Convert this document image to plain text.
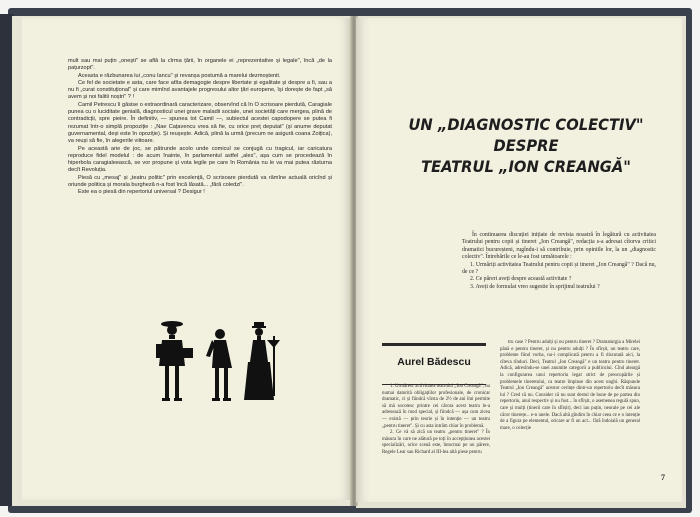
mult sau mai puțin „onești" se află la cîrma țării, în organele ei „reprezentative și legale", încă „de la pațurzopt".

Aceasta e răzbunarea lui „conu Iancu" și revanșa postumă a marelui dezmoștenit.

Ce fel de societate e asta, care face atîta demagogie despre libertate și egalitate și despre a fi, sau a nu fi „curat constituțional" și care mimînd avantajele progresului altor țări europene, își dorește de fapt „să avem și noi falitii noștri" ? !

Camil Petrescu îi găsise o extraordinară caracterizare, observînd că în O scrisoare pierdută, Caragiale punea cu o luciditate genială, diagnosticul unei grave maladii sociale, unei societăți care mergea, plină de contradicții, spre pieire. În definitiv, — spunea tot Camil —, subiectul acestei capodopere se putea fi rezumat într-o simplă propoziție : „Nae Cațavencu vrea să fie, cu orice preț deputat" (și anume deputat guvernamental, deși este în opoziție). Și reușește. Adică, plină la urmă (precum ne asigură coana Zoițica), va reuși să fie, în alegerile viitoare.

Pe această arie de joc, se pătrunde acolo unde comicul se conjugă cu tragicul, iar caricatura reproduce fidel modelul : de acum înainte, în parlamentul astfel „ales", așa cum se procedează în hiperbola caragialeească, se vor propune și vota legile pe care în România nu le va mai putea răsturna decît Revoluția.

Piesă cu „mesaj" și „teatru politic" prin excelență, O scrisoare pierdută va rămîne actuală oricînd și oriunde politica și morala burgheză n-a fost încă lăsată... „fără coledzi".

Este ea o piesă din repertoriul universal ? Desigur !

UN „DIAGNOSTIC COLECTIV"
DESPRE
TEATRUL „ION CREANGĂ"

În continuarea discuției inițiate de revista noastră în legătură cu activitatea Teatrului pentru copii și tineret „Ion Creangă", redacția s-a adresat cîtorva critici dramatici bucureșteni, rugîndu-i să contribuie, prin opiniile lor, la un „diagnostic colectiv". Întrebările ce le-au fost următoarele :

1. Urmăriți activitatea Teatrului pentru copii și tineret „Ion Creangă" ? Dacă nu, de ce ?
2. Ce păreri aveți despre această activitate ?
3. Aveți de formulat vreo sugestie în sprijinul teatrului ?
Aurel Bădescu

1. Urmăresc activitatea teatrului „Ion Creangă", nu numai datorită obligațiilor profesionale, de cronicar dramatic, ci și fiindcă vîrsta de 2½ de ani îmi permite să mă socotesc printre cei cărora acest teatru le-a adresează în mod special, și fiindcă — așa cum zicea — există — prin teorie și în intenție — un teatru „pentru tineret". Și cu asta intrăm chiar în problemă.

2. Ce vă să zică un teatru „pentru tineret" ? În măsura în care ne alătură pe toți în accepțiunea acestei specializări, orice scenă este, întocmai pe un părere, Regele Lear sau Richard al III-lea altă piese pentru

tru case ? Pentru adulți și nu pentru tineret ? Dramaturgia a Mirelei până e pentru tineret, și nu pentru adulți ? În sfîrșit, un teatru care, probleme fiind vorba, nu-i complicată pentru a fi discutată aici, la cîteva rînduri. Deci, Teatrul „Ion Creangă" e un teatru pentru tineret. Adică, adresîndu-se unei anumite categorii a publicului. Cînd aleargă la configurarea unui repertoriu legat strict de preocupările și problemele tineretului, ca teatre împinse din acest unghi. Răspunde Teatrul „Ion Creangă" acestor cerințe dintr-un repertoriu decît măsura lui ? Cred că nu. Consider că nu sunt destul de bune de pe partea din repertoriu, anul respectiv și nu fost... în sfîrșit, o asemenea regulă spun, care și mulți (tinerii care în sfîrșit), deci iau puțin, neorale pe cei ale căror tinerețe... e-n unele. Dacă altă gîndim în chiar ceea ce e o intenție de a figura pe elementul, oricare ar fi un act... fără îndoială un general mare, o colecție

7
